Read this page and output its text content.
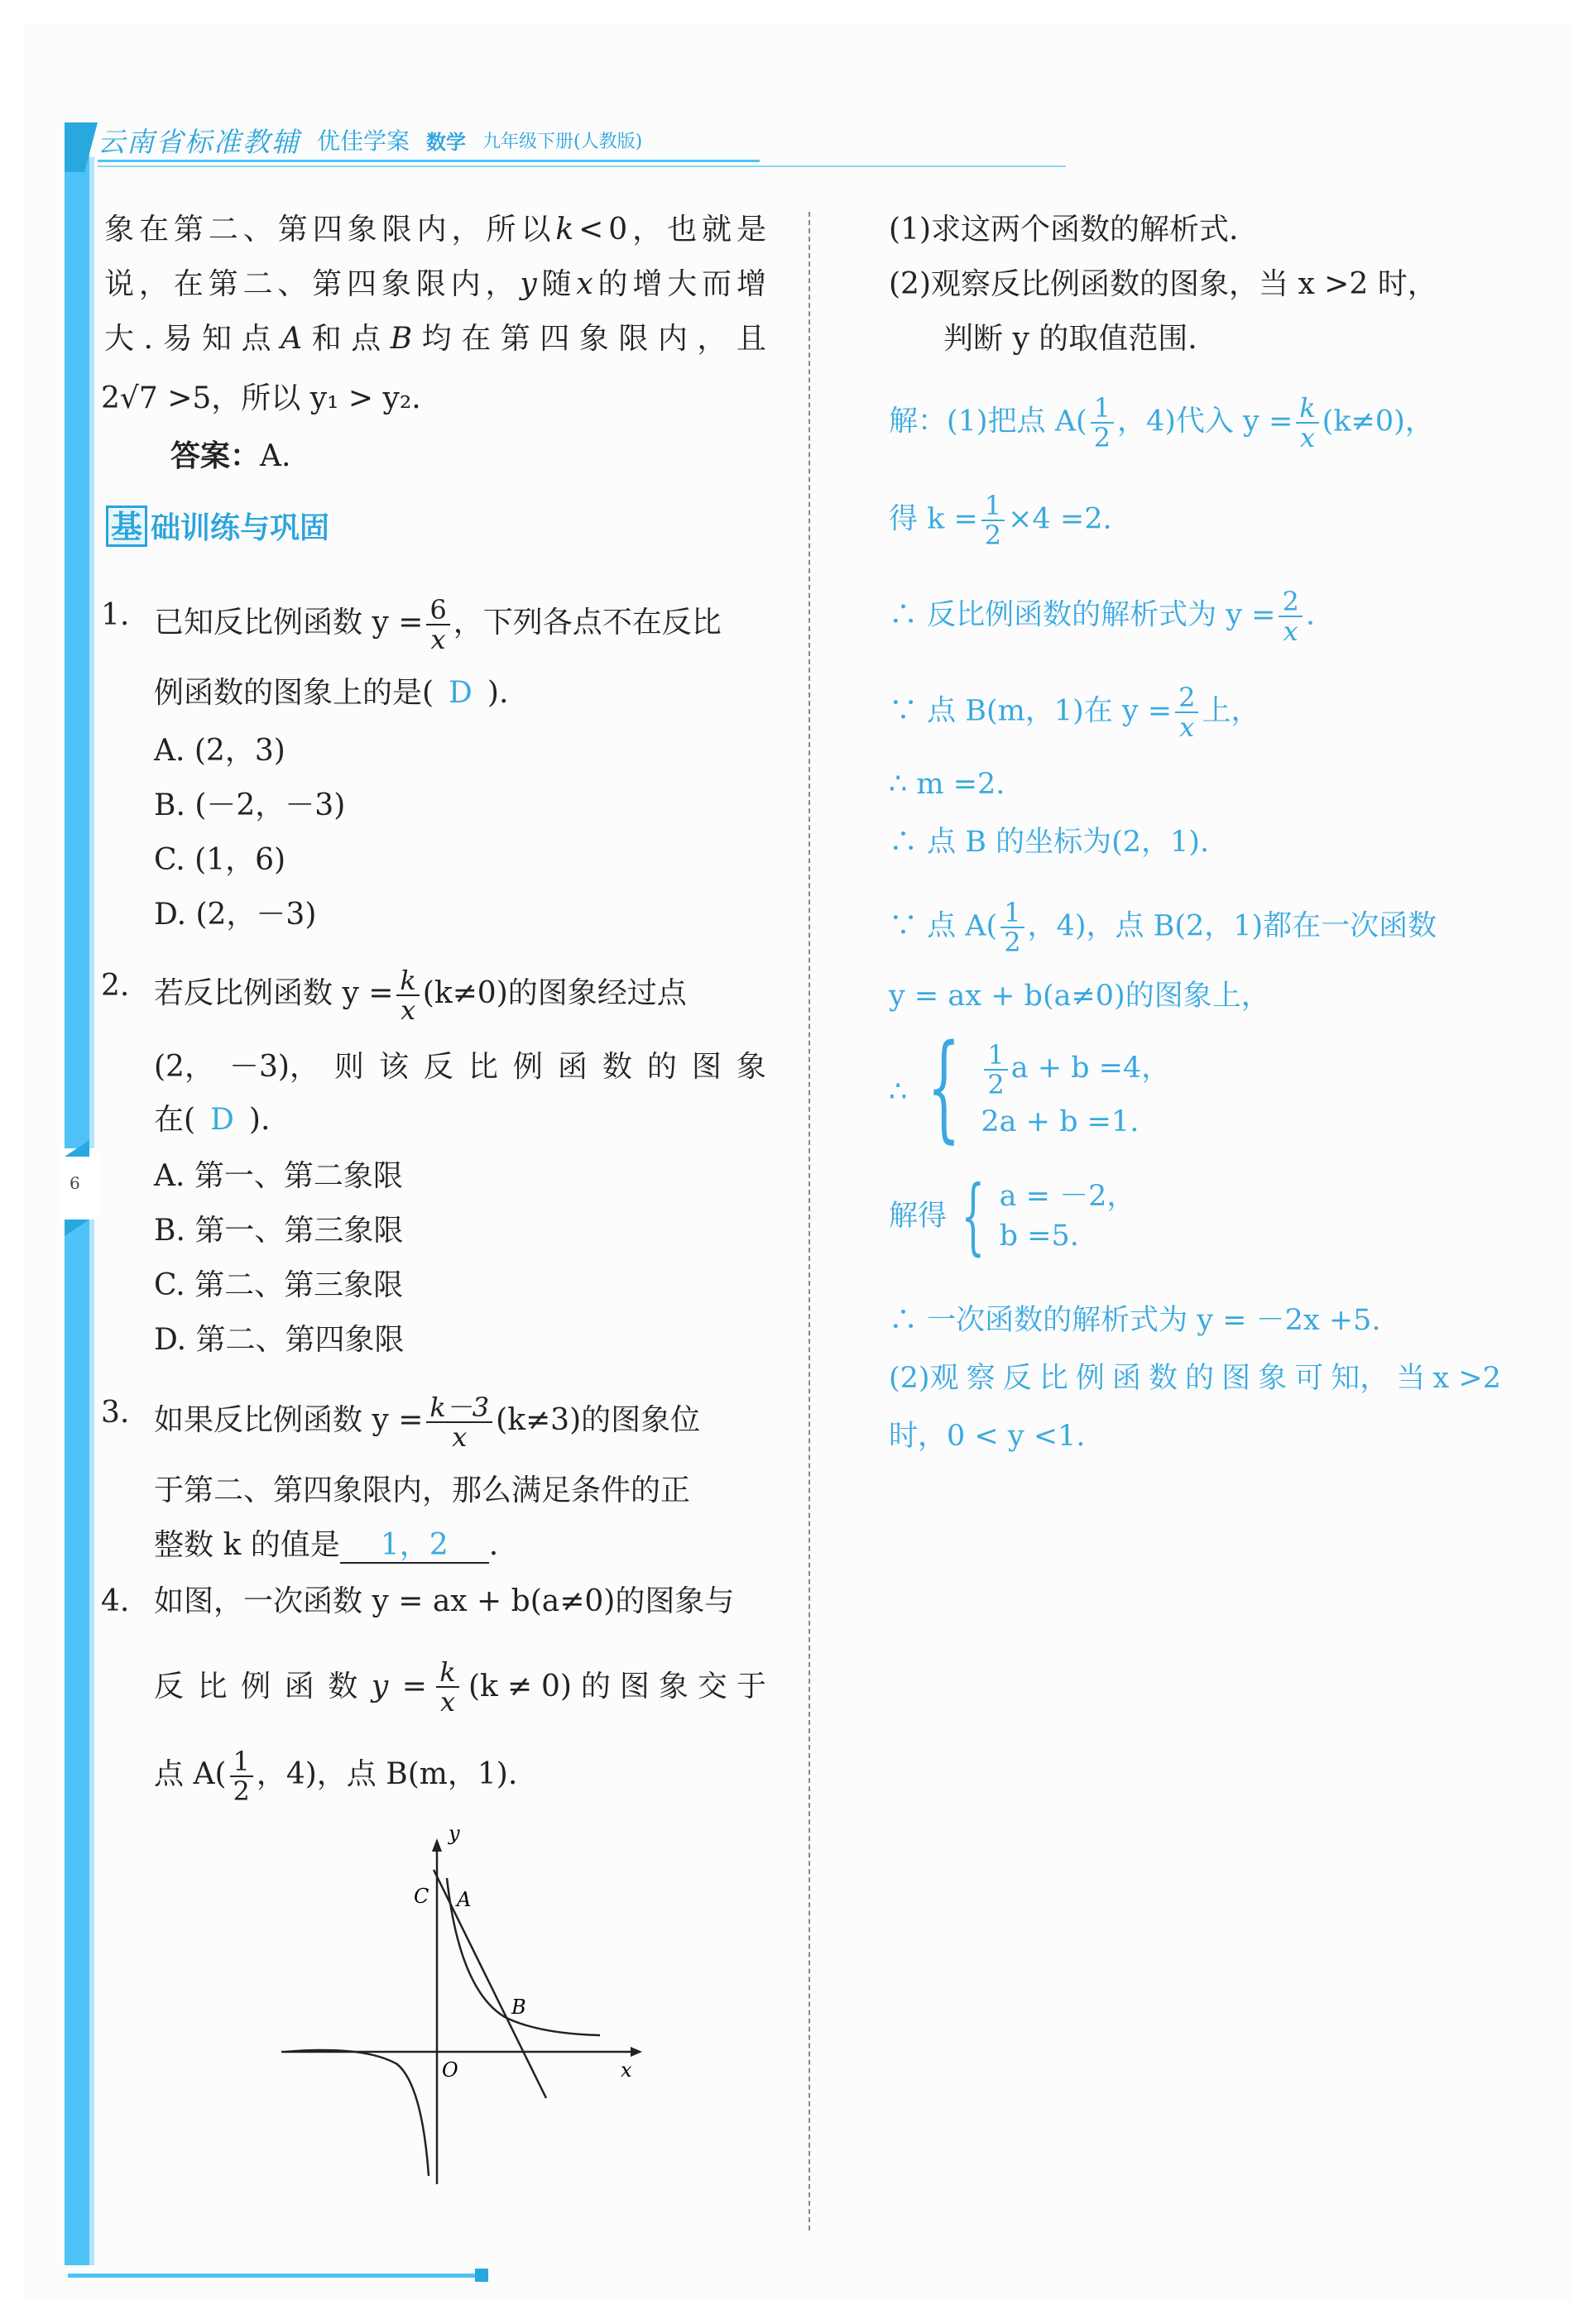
6
云南省标准教辅 优佳学案 数学 九年级下册(人教版)
象 在 第 二 、 第 四 象 限 内 ， 所 以 k < 0 ， 也 就 是
说 ， 在 第 二 、 第 四 象 限 内 ， y 随 x 的 增 大 而 增
大 . 易 知 点 A 和 点 B 均 在 第 四 象 限 内 ， 且
2√7 >5，所以 y₁ > y₂.
答案：A.
基 础训练与巩固
1. 已知反比例函数 $y = \frac{6}{x}$ ，下列各点不在反比
例函数的图象上的是( D ).
A. (2，3)
B. (－2，－3)
C. (1，6)
D. (2，－3)
2. 若反比例函数 $y = \frac{k}{x} (k\ne 0)$的图象经过点
(2， －3)， 则 该 反 比 例 函 数 的 图 象
在( D ).
A. 第一、第二象限
B. 第一、第三象限
C. 第二、第三象限
D. 第二、第四象限
3. 如果反比例函数 $y = \frac{k-3}{x} (k\ne 3)$的图象位
于第二、第四象限内，那么满足条件的正
整数 k 的值是 1，2 .
4. 如图，一次函数 y = ax + b(a≠0)的图象与
反 比 例 函 数 $y = \frac{k}{x} (k \ne 0)$ 的 图 象 交 于
点 $A( \frac{1}{2}$ ，4)，点 B(m，1).
y
x
O
C A
B
(1)求这两个函数的解析式.
(2)观察反比例函数的图象，当 x >2 时，
判断 y 的取值范围.
解：(1)把点 $A( \frac{1}{2}$ ，4)代入 $y = \frac{k}{x} (k\ne 0)$，
得 $k = \frac{1}{2} \times 4 =2$.
∴ 反比例函数的解析式为 $y = \frac{2}{x}$ .
∵ 点 B(m，1)在 $y = \frac{2}{x}$ 上，
∴ m =2.
∴ 点 B 的坐标为(2，1).
∵ 点 $A( \frac{1}{2}$ ，4)，点 B(2，1)都在一次函数
y = ax + b(a≠0)的图象上，
∴ { $\frac{1}{2}$ a + b =4，
2a + b =1.
解得 { a = －2，
b =5.
∴ 一次函数的解析式为 y = －2x +5.
(2)观 察 反 比 例 函 数 的 图 象 可 知， 当 x >2
时，0 < y <1.
